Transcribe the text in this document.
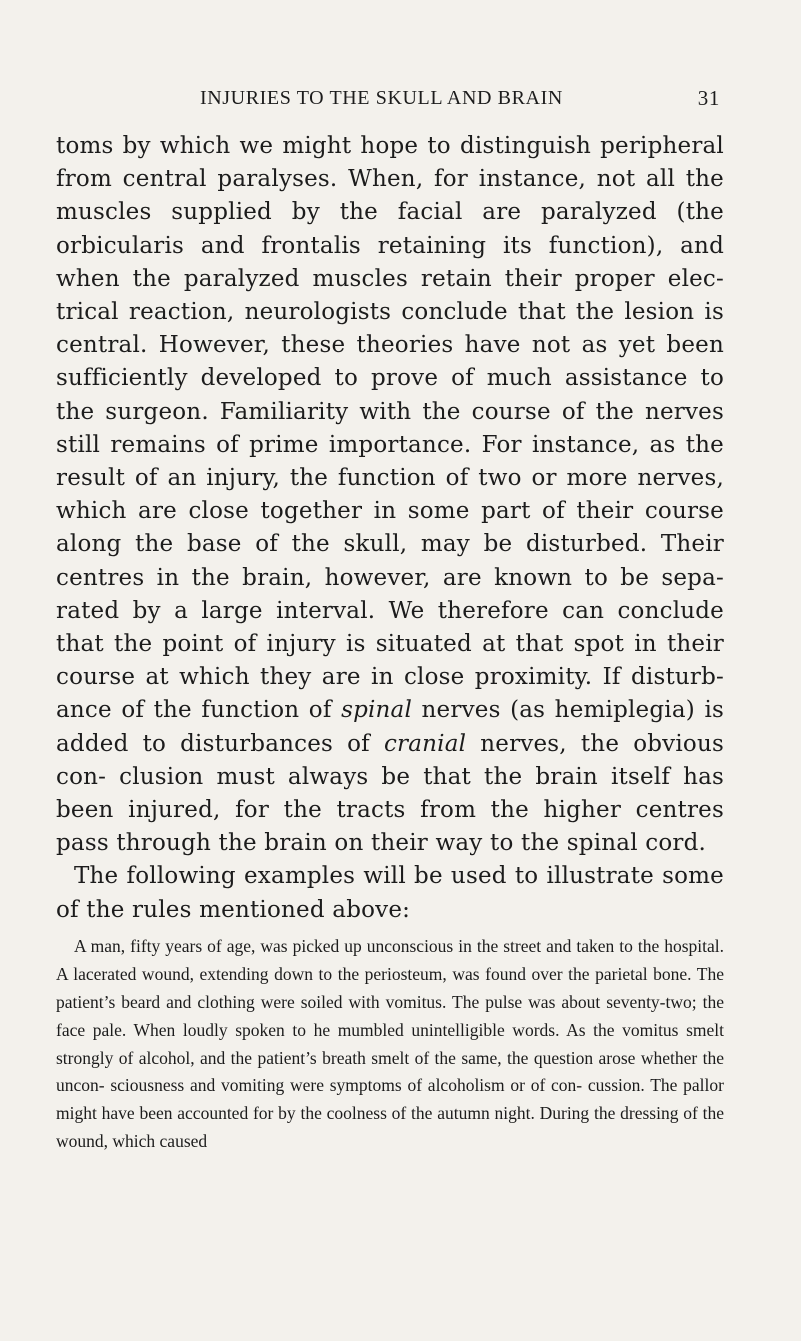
INJURIES TO THE SKULL AND BRAIN	31

toms by which we might hope to distinguish peripheral from central paralyses. When, for instance, not all the muscles supplied by the facial are paralyzed (the orbicularis and frontalis retaining its function), and when the paralyzed muscles retain their proper elec- trical reaction, neurologists conclude that the lesion is central. However, these theories have not as yet been sufficiently developed to prove of much assistance to the surgeon. Familiarity with the course of the nerves still remains of prime importance. For instance, as the result of an injury, the function of two or more nerves, which are close together in some part of their course along the base of the skull, may be disturbed. Their centres in the brain, however, are known to be sepa- rated by a large interval. We therefore can conclude that the point of injury is situated at that spot in their course at which they are in close proximity. If disturb- ance of the function of spinal nerves (as hemiplegia) is added to disturbances of cranial nerves, the obvious con- clusion must always be that the brain itself has been injured, for the tracts from the higher centres pass through the brain on their way to the spinal cord.

The following examples will be used to illustrate some of the rules mentioned above:

A man, fifty years of age, was picked up unconscious in the street and taken to the hospital. A lacerated wound, extending down to the periosteum, was found over the parietal bone. The patient’s beard and clothing were soiled with vomitus. The pulse was about seventy-two; the face pale. When loudly spoken to he mumbled unintelligible words. As the vomitus smelt strongly of alcohol, and the patient’s breath smelt of the same, the question arose whether the uncon- sciousness and vomiting were symptoms of alcoholism or of con- cussion. The pallor might have been accounted for by the coolness of the autumn night. During the dressing of the wound, which caused
